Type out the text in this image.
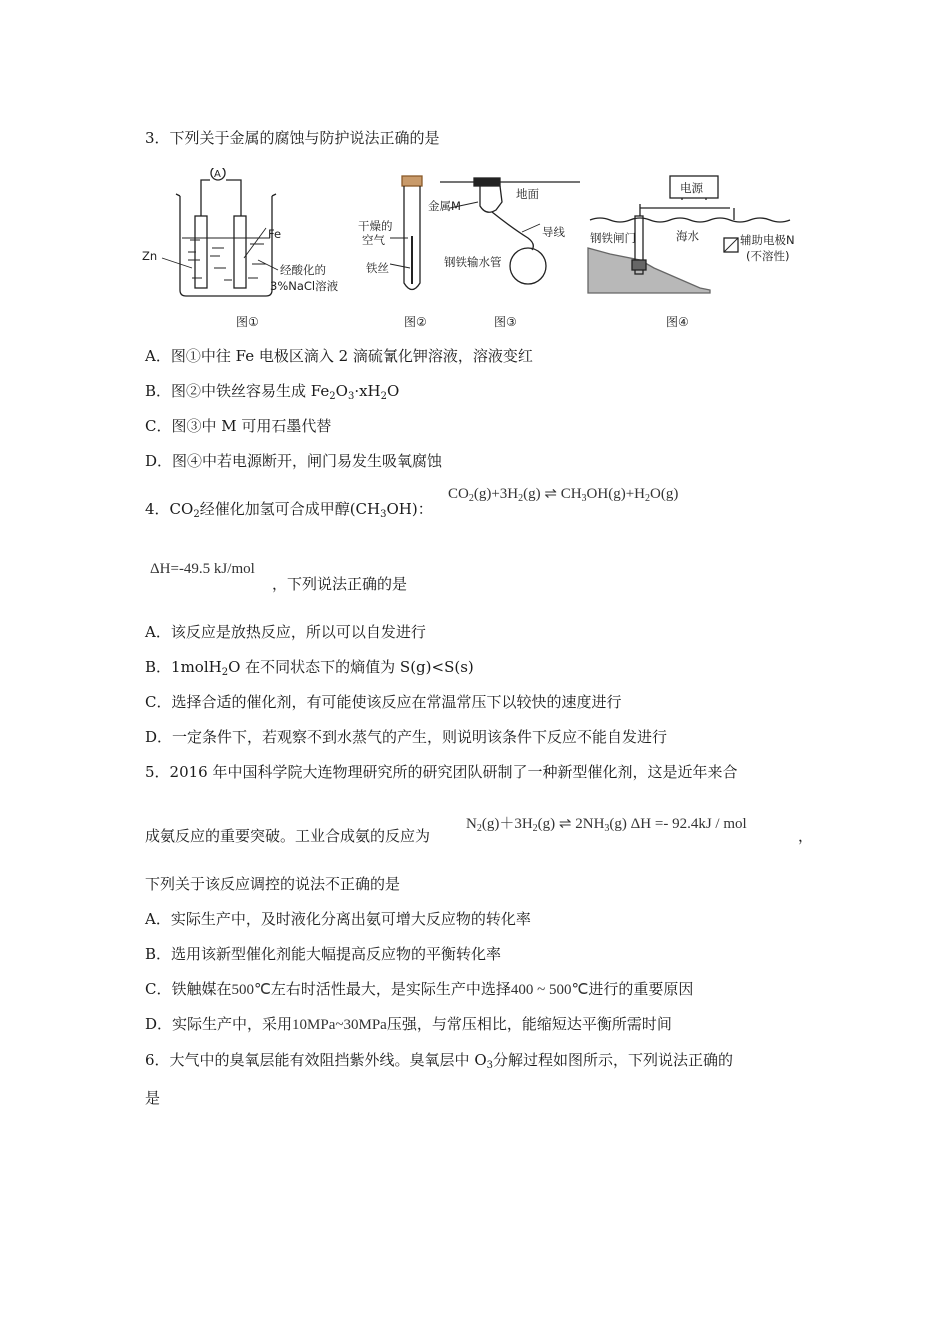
3．下列关于金属的腐蚀与防护说法正确的是
A
Fe
Zn
经酸化的
3%NaCl溶液
干燥的
空气
铁丝
地面
金属M
导线
钢铁输水管
电源
钢铁闸门	海水	辅助电极N
(不溶性)
图①	图②	图③	图④
A．图①中往 Fe 电极区滴入 2 滴硫氰化钾溶液，溶液变红
B．图②中铁丝容易生成 $Fe_2O_3\cdot xH_2O$
C．图③中 M 可用石墨代替
D．图④中若电源断开，闸门易发生吸氧腐蚀
4．$CO_2$经催化加氢可合成甲醇$(CH_3OH)$：
$CO_2(g)+3H_2(g)$ ⇌ $CH_3OH(g)+H_2O(g)$
ΔH=-49.5 kJ/mol
，下列说法正确的是
A．该反应是放热反应，所以可以自发进行
B．1molH$_2$O 在不同状态下的熵值为 S(g)<S(s)
C．选择合适的催化剂，有可能使该反应在常温常压下以较快的速度进行
D．一定条件下，若观察不到水蒸气的产生，则说明该条件下反应不能自发进行
5．2016 年中国科学院大连物理研究所的研究团队研制了一种新型催化剂，这是近年来合
成氨反应的重要突破。工业合成氨的反应为
$N_2(g)+3H_2(g)$ ⇌ $2NH_3(g) \Delta H =- 92.4kJ$ / mol
，
下列关于该反应调控的说法不正确的是
A．实际生产中，及时液化分离出氨可增大反应物的转化率
B．选用该新型催化剂能大幅提高反应物的平衡转化率
C．铁触媒在500℃左右时活性最大，是实际生产中选择400 ~ 500℃进行的重要原因
D．实际生产中，采用10MPa~30MPa压强，与常压相比，能缩短达平衡所需时间
6．大气中的臭氧层能有效阻挡紫外线。臭氧层中 $O_3$分解过程如图所示，下列说法正确的
是
